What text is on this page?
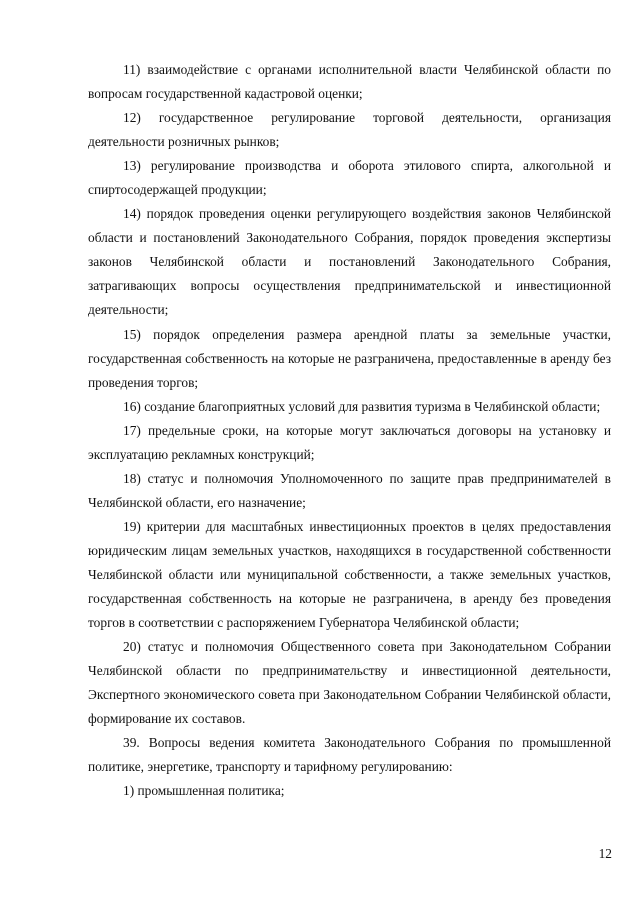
11) взаимодействие с органами исполнительной власти Челябинской области по вопросам государственной кадастровой оценки;

12) государственное регулирование торговой деятельности, организация деятельности розничных рынков;

13) регулирование производства и оборота этилового спирта, алкогольной и спиртосодержащей продукции;

14) порядок проведения оценки регулирующего воздействия законов Челябинской области и постановлений Законодательного Собрания, порядок проведения экспертизы законов Челябинской области и постановлений Законодательного Собрания, затрагивающих вопросы осуществления предпринимательской и инвестиционной деятельности;

15) порядок определения размера арендной платы за земельные участки, государственная собственность на которые не разграничена, предоставленные в аренду без проведения торгов;

16) создание благоприятных условий для развития туризма в Челябинской области;

17) предельные сроки, на которые могут заключаться договоры на установку и эксплуатацию рекламных конструкций;

18) статус и полномочия Уполномоченного по защите прав предпринимателей в Челябинской области, его назначение;

19) критерии для масштабных инвестиционных проектов в целях предоставления юридическим лицам земельных участков, находящихся в государственной собственности Челябинской области или муниципальной собственности, а также земельных участков, государственная собственность на которые не разграничена, в аренду без проведения торгов в соответствии с распоряжением Губернатора Челябинской области;

20) статус и полномочия Общественного совета при Законодательном Собрании Челябинской области по предпринимательству и инвестиционной деятельности, Экспертного экономического совета при Законодательном Собрании Челябинской области, формирование их составов.

39. Вопросы ведения комитета Законодательного Собрания по промышленной политике, энергетике, транспорту и тарифному регулированию:

1) промышленная политика;

12
